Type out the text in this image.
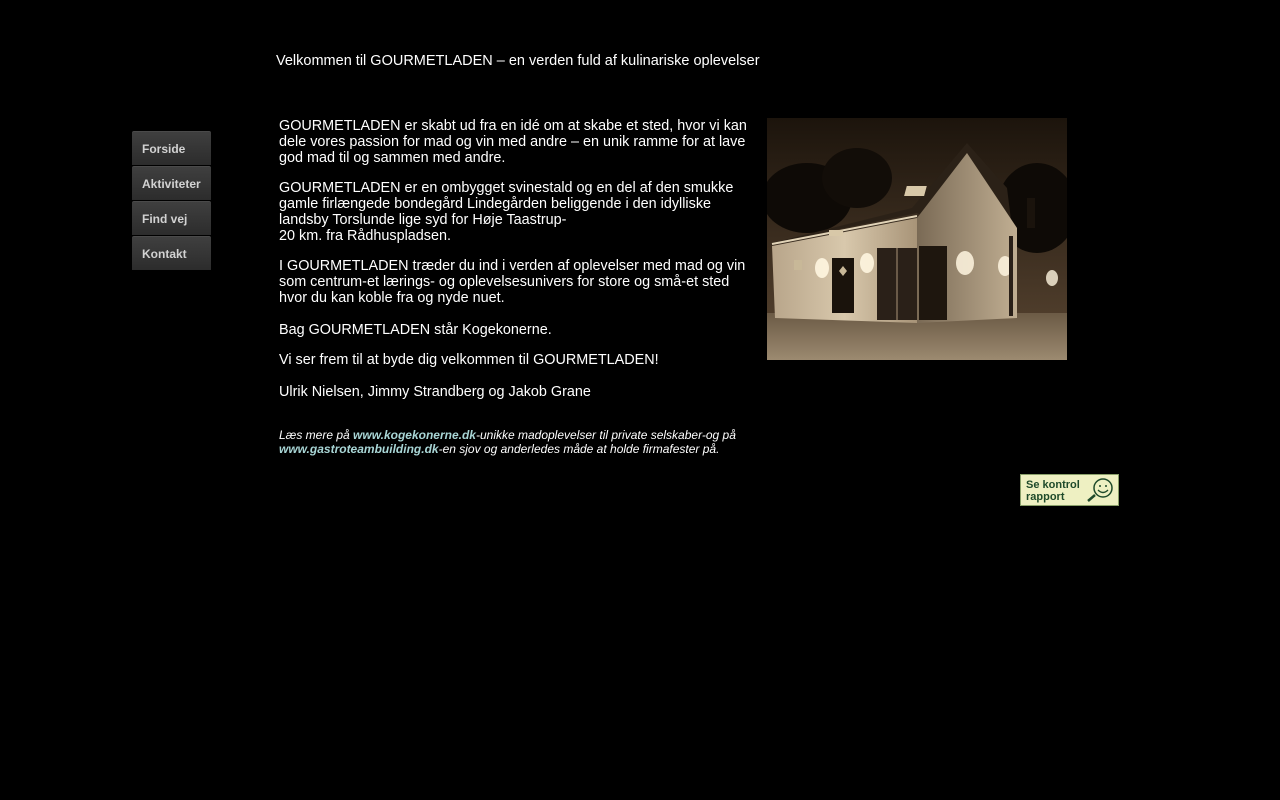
Velkommen til GOURMETLADEN – en verden fuld af kulinariske oplevelser
Forside
Aktiviteter
Find vej
Kontakt

GOURMETLADEN er skabt ud fra en idé om at skabe et sted, hvor vi kan dele vores passion for mad og vin med andre – en unik ramme for at lave god mad til og sammen med andre.

GOURMETLADEN er en ombygget svinestald og en del af den smukke gamle firlængede bondegård Lindegården beliggende i den idylliske landsby Torslunde lige syd for Høje Taastrup-
20 km. fra Rådhuspladsen.

I GOURMETLADEN træder du ind i verden af oplevelser med mad og vin som centrum-et lærings- og oplevelsesunivers for store og små-et sted hvor du kan koble fra og nyde nuet.

Bag GOURMETLADEN står Kogekonerne.

Vi ser frem til at byde dig velkommen til GOURMETLADEN!

Ulrik Nielsen, Jimmy Strandberg og Jakob Grane

Læs mere på www.kogekonerne.dk-unikke madoplevelser til private selskaber-og på www.gastroteambuilding.dk-en sjov og anderledes måde at holde firmafester på.
Se kontrol
rapport
